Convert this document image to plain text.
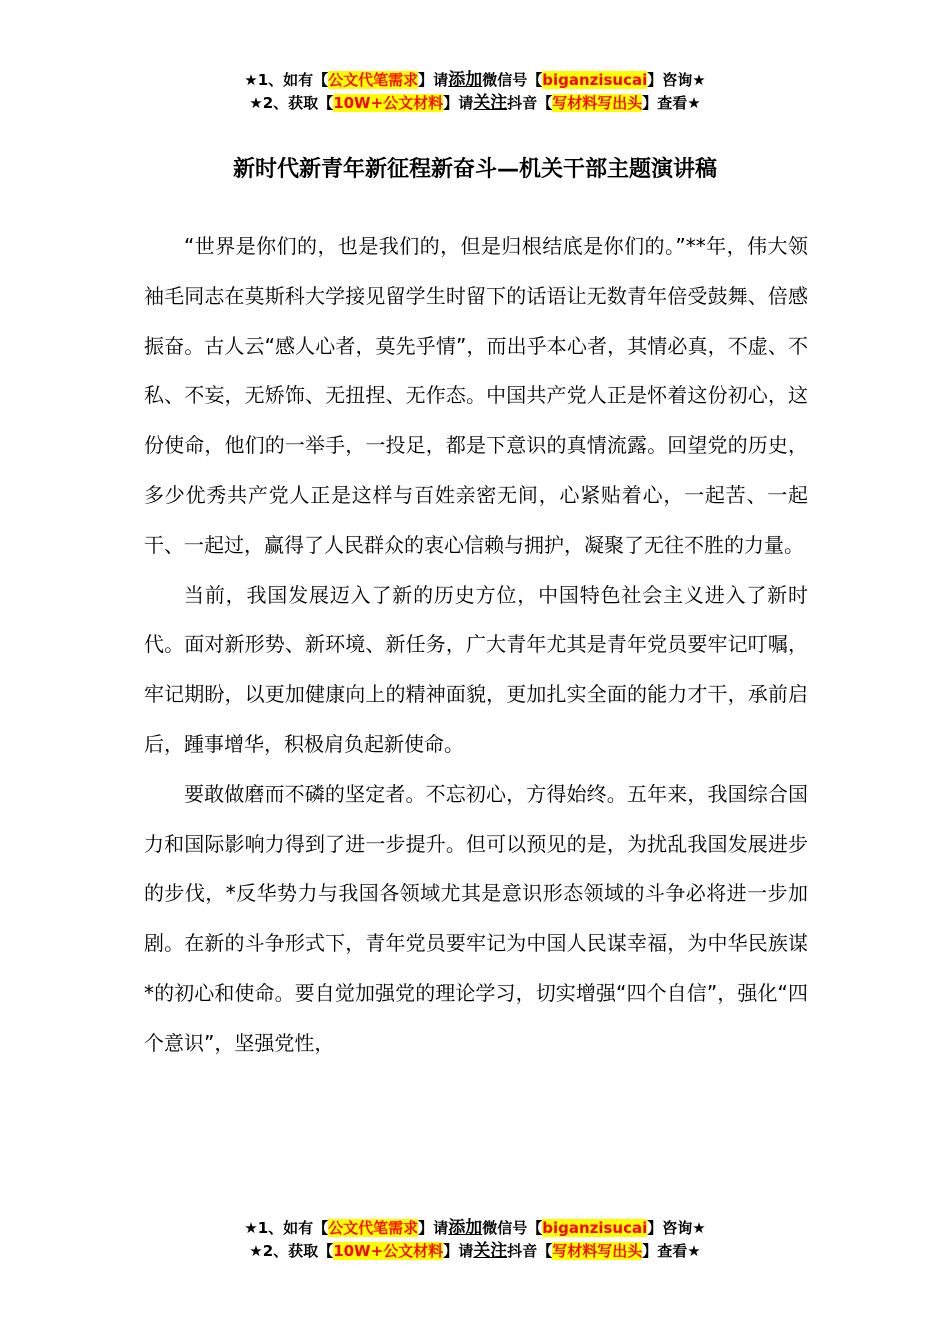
★1、如有【公文代笔需求】请添加微信号【biganzisucai】咨询★
★2、获取【10W+公文材料】请关注抖音【写材料写出头】查看★
新时代新青年新征程新奋斗—机关干部主题演讲稿

“世界是你们的，也是我们的，但是归根结底是你们的。”**年，伟大领袖毛同志在莫斯科大学接见留学生时留下的话语让无数青年倍受鼓舞、倍感振奋。古人云“感人心者，莫先乎情”，而出乎本心者，其情必真，不虚、不私、不妄，无矫饰、无扭捏、无作态。中国共产党人正是怀着这份初心，这份使命，他们的一举手，一投足，都是下意识的真情流露。回望党的历史，多少优秀共产党人正是这样与百姓亲密无间，心紧贴着心，一起苦、一起干、一起过，赢得了人民群众的衷心信赖与拥护，凝聚了无往不胜的力量。

当前，我国发展迈入了新的历史方位，中国特色社会主义进入了新时代。面对新形势、新环境、新任务，广大青年尤其是青年党员要牢记叮嘱，牢记期盼，以更加健康向上的精神面貌，更加扎实全面的能力才干，承前启后，踵事增华，积极肩负起新使命。

要敢做磨而不磷的坚定者。不忘初心，方得始终。五年来，我国综合国力和国际影响力得到了进一步提升。但可以预见的是，为扰乱我国发展进步的步伐，*反华势力与我国各领域尤其是意识形态领域的斗争必将进一步加剧。在新的斗争形式下，青年党员要牢记为中国人民谋幸福，为中华民族谋*的初心和使命。要自觉加强党的理论学习，切实增强“四个自信”，强化“四个意识”，坚强党性，

★1、如有【公文代笔需求】请添加微信号【biganzisucai】咨询★
★2、获取【10W+公文材料】请关注抖音【写材料写出头】查看★
